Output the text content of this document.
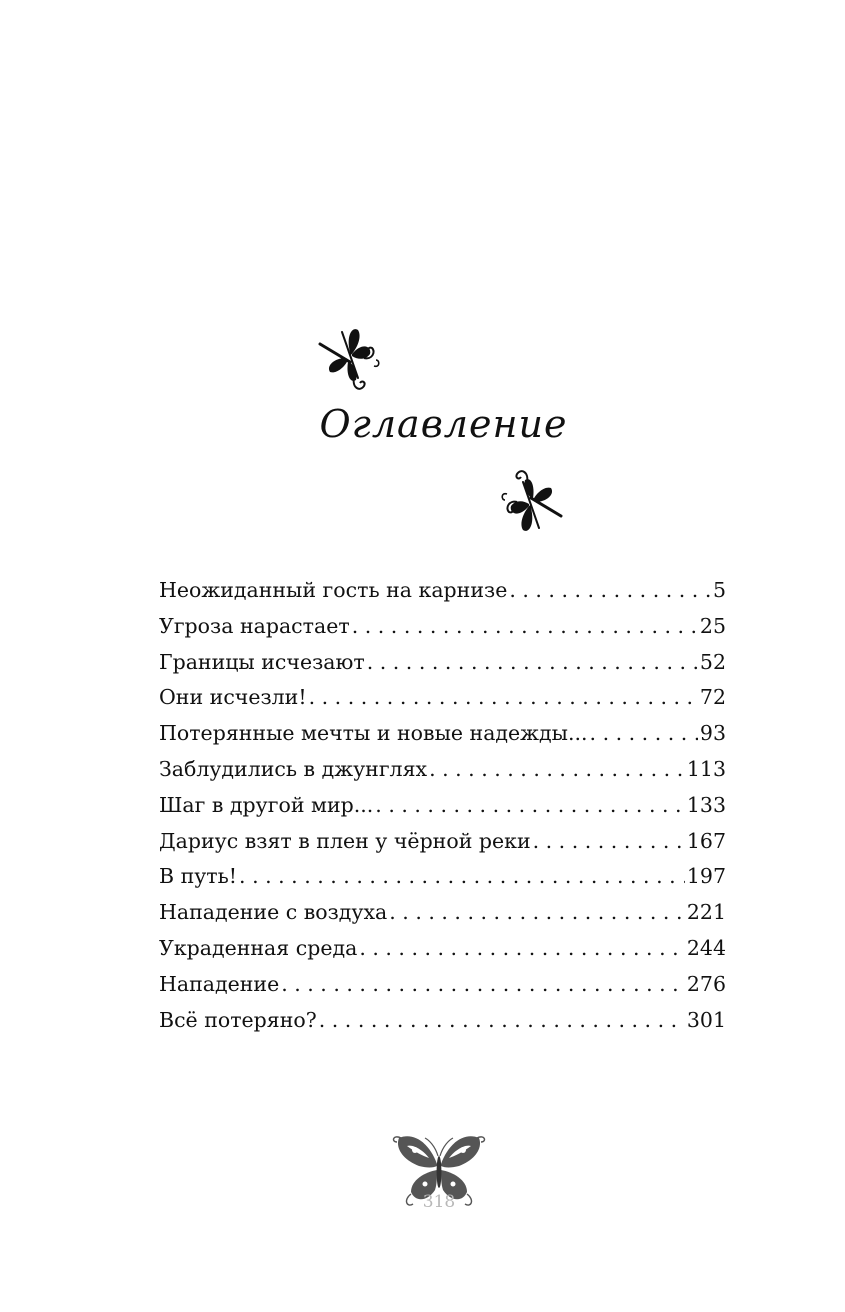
Оглавление
Неожиданный гость на карнизе . . .	5
Угроза нарастает . . .	25
Границы исчезают . . .	52
Они исчезли! . . .	72
Потерянные мечты и новые надежды... . . .	93
Заблудились в джунглях . . .	113
Шаг в другой мир... . . .	133
Дариус взят в плен у чёрной реки . . .	167
В путь! . . .	197
Нападение с воздуха . . .	221
Украденная среда . . .	244
Нападение . . .	276
Всё потеряно? . . .	301
318
